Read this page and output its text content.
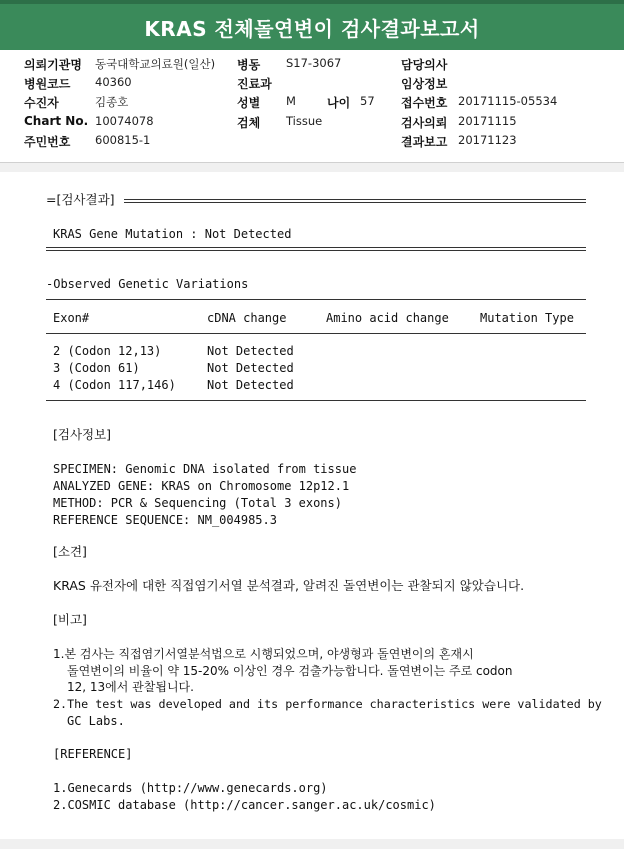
KRAS 전체돌연변이 검사결과보고서
의뢰기관명 동국대학교의료원(일산) 병동 S17-3067	담당의사
병원코드 40360	진료과	임상정보
수진자	김종호	성별 M	나이 57 접수번호 20171115-05534
Chart No. 10074078	검체 Tissue	검사의뢰 20171115
주민번호 600815-1	결과보고 20171123
=[검사결과]
KRAS Gene Mutation : Not Detected
-Observed Genetic Variations
Exon#	cDNA change	Amino acid change	Mutation Type
2 (Codon 12,13)	Not Detected
3 (Codon 61)	Not Detected
4 (Codon 117,146)	Not Detected
[검사정보]
SPECIMEN: Genomic DNA isolated from tissue
ANALYZED GENE: KRAS on Chromosome 12p12.1
METHOD: PCR & Sequencing (Total 3 exons)
REFERENCE SEQUENCE: NM_004985.3
[소견]
KRAS 유전자에 대한 직접염기서열 분석결과, 알려진 돌연변이는 관찰되지 않았습니다.
[비고]
1.본 검사는 직접염기서열분석법으로 시행되었으며, 야생형과 돌연변이의 혼재시
돌연변이의 비율이 약 15-20% 이상인 경우 검출가능합니다. 돌연변이는 주로 codon
12, 13에서 관찰됩니다.
2.The test was developed and its performance characteristics were validated by
GC Labs.
[REFERENCE]
1.Genecards (http://www.genecards.org)
2.COSMIC database (http://cancer.sanger.ac.uk/cosmic)
